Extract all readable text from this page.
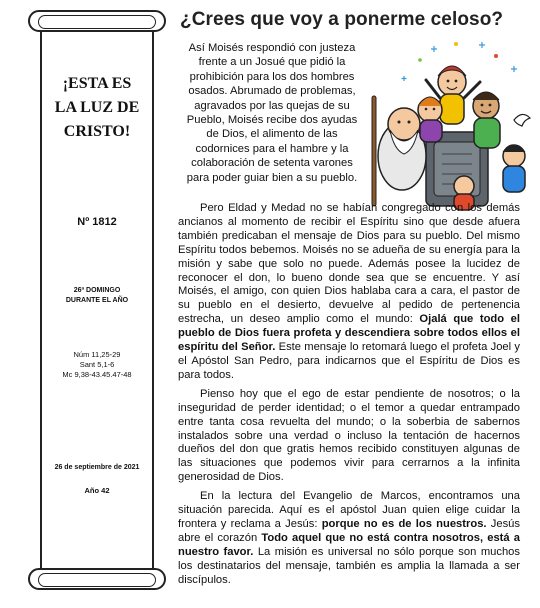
¡ESTA ES
LA LUZ DE
CRISTO!
Nº 1812
26ª DOMINGO
DURANTE EL AÑO
Núm 11,25-29
Sant 5,1-6
Mc 9,38-43.45.47-48
26 de septiembre de 2021
Año 42
¿Crees que voy a ponerme celoso?
Así Moisés respondió con justeza frente a un Josué que pidió la prohibición para los dos hombres osados. Abrumado de problemas, agravados por las quejas de su Pueblo, Moisés recibe dos ayudas de Dios, el alimento de las codornices para el hambre y la colaboración de setenta varones para poder guiar bien a su pueblo.

Pero Eldad y Medad no se habían congregado con los demás ancianos al momento de recibir el Espíritu sino que desde afuera también predicaban el mensaje de Dios para su pueblo. Del mismo Espíritu todos bebemos. Moisés no se adueña de su energía para la misión y sabe que solo no puede. Además posee la lucidez de reconocer el don, lo bueno donde sea que se encuentre. Y así Moisés, el amigo, con quien Dios hablaba cara a cara, el pastor de su pueblo en el desierto, devuelve al pedido de pertenencia estrecha, un deseo amplio como el mundo: Ojalá que todo el pueblo de Dios fuera profeta y descendiera sobre todos ellos el espíritu del Señor. Este mensaje lo retomará luego el profeta Joel y el Apóstol San Pedro, para indicarnos que el Espíritu de Dios es para todos.

Pienso hoy que el ego de estar pendiente de nosotros; o la inseguridad de perder identidad; o el temor a quedar entrampado entre tanta cosa revuelta del mundo; o la soberbia de sabernos instalados sobre una verdad o incluso la tentación de hacernos dueños del don que gratis hemos recibido constituyen algunas de las situaciones que podemos vivir para cerrarnos a la infinita generosidad de Dios.

En la lectura del Evangelio de Marcos, encontramos una situación parecida. Aquí es el apóstol Juan quien elige cuidar la frontera y reclama a Jesús: porque no es de los nuestros. Jesús abre el corazón Todo aquel que no está contra nosotros, está a nuestro favor. La misión es universal no sólo porque son muchos los destinatarios del mensaje, también es amplia la llamada a ser discípulos.
